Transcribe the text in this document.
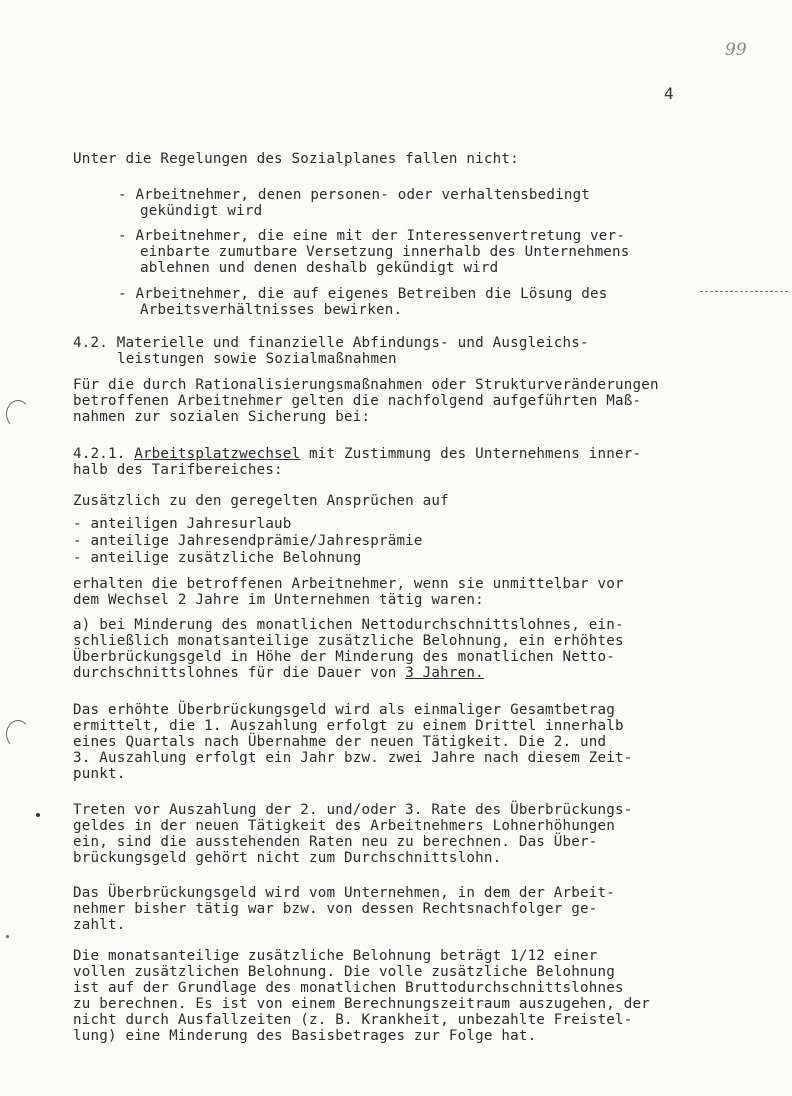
99
4
Unter die Regelungen des Sozialplanes fallen nicht:
- Arbeitnehmer, denen personen- oder verhaltensbedingt
gekündigt wird
- Arbeitnehmer, die eine mit der Interessenvertretung ver-
einbarte zumutbare Versetzung innerhalb des Unternehmens
ablehnen und denen deshalb gekündigt wird
- Arbeitnehmer, die auf eigenes Betreiben die Lösung des
Arbeitsverhältnisses bewirken.
4.2. Materielle und finanzielle Abfindungs- und Ausgleichs-
leistungen sowie Sozialmaßnahmen
Für die durch Rationalisierungsmaßnahmen oder Strukturveränderungen
betroffenen Arbeitnehmer gelten die nachfolgend aufgeführten Maß-
nahmen zur sozialen Sicherung bei:
4.2.1. Arbeitsplatzwechsel mit Zustimmung des Unternehmens inner-
halb des Tarifbereiches:
Zusätzlich zu den geregelten Ansprüchen auf
- anteiligen Jahresurlaub
- anteilige Jahresendprämie/Jahresprämie
- anteilige zusätzliche Belohnung
erhalten die betroffenen Arbeitnehmer, wenn sie unmittelbar vor
dem Wechsel 2 Jahre im Unternehmen tätig waren:
a) bei Minderung des monatlichen Nettodurchschnittslohnes, ein-
schließlich monatsanteilige zusätzliche Belohnung, ein erhöhtes
Überbrückungsgeld in Höhe der Minderung des monatlichen Netto-
durchschnittslohnes für die Dauer von 3 Jahren.
Das erhöhte Überbrückungsgeld wird als einmaliger Gesamtbetrag
ermittelt, die 1. Auszahlung erfolgt zu einem Drittel innerhalb
eines Quartals nach Übernahme der neuen Tätigkeit. Die 2. und
3. Auszahlung erfolgt ein Jahr bzw. zwei Jahre nach diesem Zeit-
punkt.
Treten vor Auszahlung der 2. und/oder 3. Rate des Überbrückungs-
geldes in der neuen Tätigkeit des Arbeitnehmers Lohnerhöhungen
ein, sind die ausstehenden Raten neu zu berechnen. Das Über-
brückungsgeld gehört nicht zum Durchschnittslohn.
Das Überbrückungsgeld wird vom Unternehmen, in dem der Arbeit-
nehmer bisher tätig war bzw. von dessen Rechtsnachfolger ge-
zahlt.
Die monatsanteilige zusätzliche Belohnung beträgt 1/12 einer
vollen zusätzlichen Belohnung. Die volle zusätzliche Belohnung
ist auf der Grundlage des monatlichen Bruttodurchschnittslohnes
zu berechnen. Es ist von einem Berechnungszeitraum auszugehen, der
nicht durch Ausfallzeiten (z. B. Krankheit, unbezahlte Freistel-
lung) eine Minderung des Basisbetrages zur Folge hat.
